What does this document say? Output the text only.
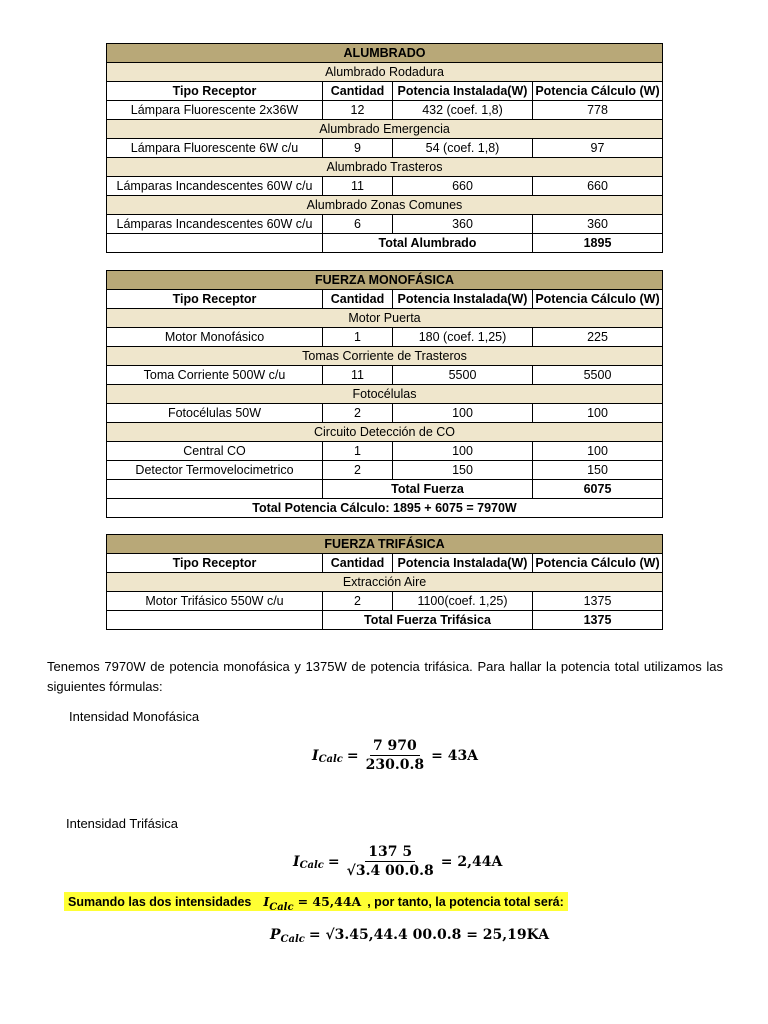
ALUMBRADO			
Alumbrado Rodadura			
Tipo Receptor	Cantidad	Potencia Instalada(W)	Potencia Cálculo (W)
Lámpara Fluorescente 2x36W	12	432 (coef. 1,8)	778
Alumbrado Emergencia			
Lámpara Fluorescente 6W c/u	9	54 (coef. 1,8)	97
Alumbrado Trasteros			
Lámparas Incandescentes 60W c/u	11	660	660
Alumbrado Zonas Comunes			
Lámparas Incandescentes 60W c/u	6	360	360
	Total Alumbrado		1895
FUERZA MONOFÁSICA			
Tipo Receptor	Cantidad	Potencia Instalada(W)	Potencia Cálculo (W)
Motor Puerta			
Motor Monofásico	1	180 (coef. 1,25)	225
Tomas Corriente de Trasteros			
Toma Corriente 500W c/u	11	5500	5500
Fotocélulas			
Fotocélulas 50W	2	100	100
Circuito Detección de CO			
Central CO	1	100	100
Detector Termovelocimetrico	2	150	150
	Total Fuerza		6075
Total Potencia Cálculo: 1895 + 6075 = 7970W			
FUERZA TRIFÁSICA			
Tipo Receptor	Cantidad	Potencia Instalada(W)	Potencia Cálculo (W)
Extracción Aire			
Motor Trifásico 550W c/u	2	1100(coef. 1,25)	1375
	Total Fuerza Trifásica		1375
Tenemos 7970W de potencia monofásica y 1375W de potencia trifásica. Para hallar la potencia total utilizamos las siguientes fórmulas:
Intensidad Monofásica
I Calc = $\frac{7 970}{230.0.8} = 43A$
Intensidad Trifásica
I Calc = $\frac{137 5}{√3.4 00.0.8} = 2,44A$
Sumando las dos intensidades $I_{Calc} = 45,44A$ , por tanto, la potencia total será:
P Calc = √3.45,44.4 00.0.8 = 25,19KA
